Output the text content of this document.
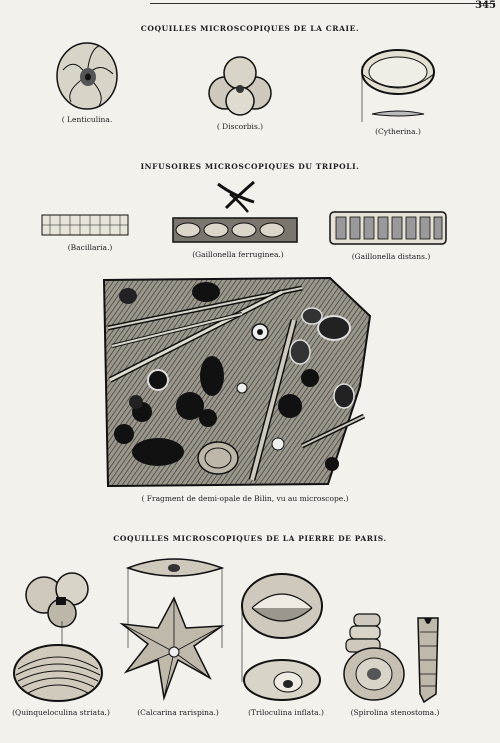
345
COQUILLES MICROSCOPIQUES DE LA CRAIE.
( Lenticulina.
( Discorbis.)
(Cytherina.)
INFUSOIRES MICROSCOPIQUES DU TRIPOLI.
(Bacillaria.)
(Gaillonella ferruginea.)	(Gaillonella distans.)
( Fragment de demi-opale de Bilin, vu au microscope.)
COQUILLES MICROSCOPIQUES DE LA PIERRE DE PARIS.
(Quinqueloculina striata.)	(Calcarina rarispina.)	(Triloculina inflata.)	(Spirolina stenostoma.)
